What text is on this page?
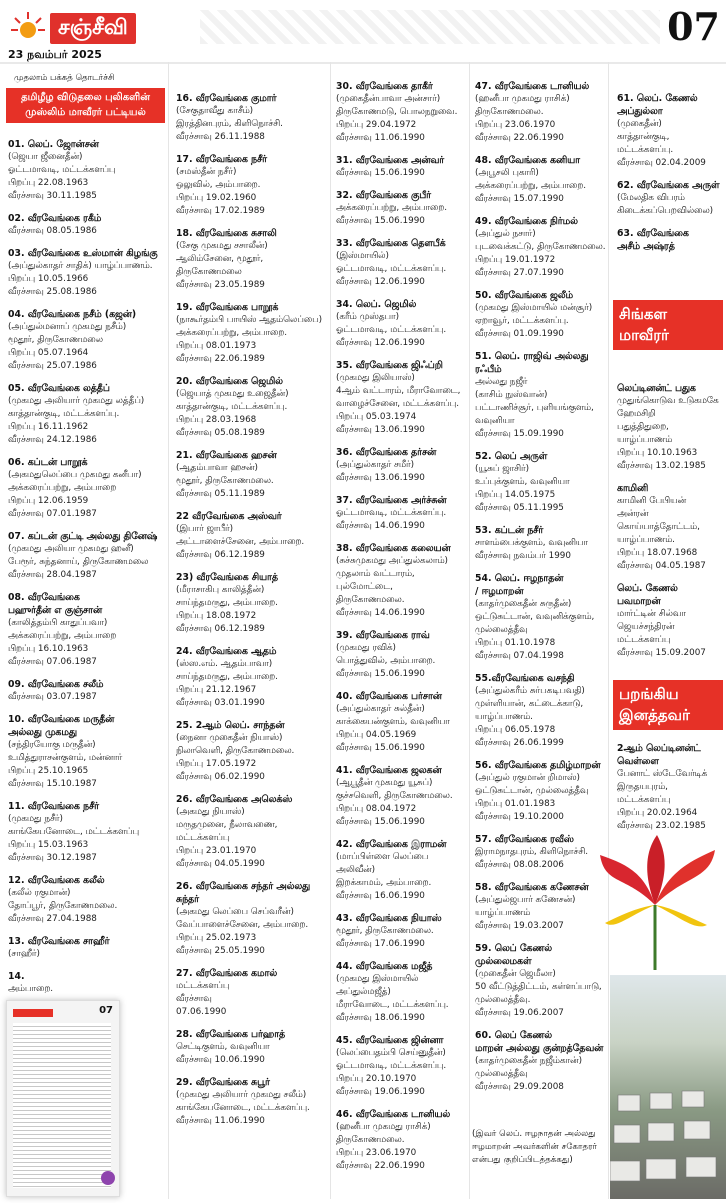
சஞ்சீவி
23 நவம்பர் 2025
07
முதலாம் பக்கத் தொடர்ச்சி
தமிழீழ விடுதலை புலிகளின்
முஸ்லிம் மாவீரர் பட்டியல்
01. லெப். ஜோன்சன்
(ஜெயா ஜீனைதீன்)
ஓட்டமாவடி, மட்டக்களப்பு
பிறப்பு 22.08.1963
வீரச்சாவு 30.11.1985
02. வீரவேங்கை ரகீம்
வீரச்சாவு 08.05.1986
03. வீரவேங்கை உஸ்மான் கிழங்கு
(அப்துல்காதர் சாதிக்) யாழ்ப்பாணம்.
பிறப்பு 10.05.1966
வீரச்சாவு 25.08.1986
04. வீரவேங்கை நசீம் (கஜன்)
(அப்துல்மனாப் முகமது நசீம்)
மூதூர், திருகோணமலை
பிறப்பு 05.07.1964
வீரச்சாவு 25.07.1986
05. வீரவேங்கை லத்தீப்
(முகமது அலியார் முகமது லத்தீப்)
காத்தான்குடி, மட்டக்களப்பு.
பிறப்பு 16.11.1962
வீரச்சாவு 24.12.1986
06. கப்டன் பாறூக்
(அகமதுலெப்பை முகமது கனீபா)
அக்கரைப்பற்று, அம்பாறை
பிறப்பு 12.06.1959
வீரச்சாவு 07.01.1987
07. கப்டன் குட்டி அல்லது தினேஷ்
(முகமது அலியா முகமது ஹனீ)
பேரூர், சுந்தனாய், திருகோணமலை
வீரச்சாவு 28.04.1987
08. வீரவேங்கை
பஹுர்தீன் எ குஞ்சான்
(காலித்தம்பி காதுப்பவா)
அக்கரைப்பற்று, அம்பாறை
பிறப்பு 16.10.1963
வீரச்சாவு 07.06.1987
09. வீரவேங்கை சலீம்
வீரச்சாவு 03.07.1987
10. வீரவேங்கை மருதீன்
அல்லது முகமது
(சந்திரயோகு மருதீன்)
உமித்துராசன்குளம், மன்னார்
பிறப்பு 25.10.1965
வீரச்சாவு 15.10.1987
11. வீரவேங்கை நசீர்
(முகமது நசீர்)
காங்கேயனோடை, மட்டக்களப்பு
பிறப்பு 15.03.1963
வீரச்சாவு 30.12.1987
12. வீரவேங்கை கலீல்
(கலீல் ரகுமான்)
தோப்பூர், திருகோணமலை.
வீரச்சாவு 27.04.1988
13. வீரவேங்கை சாஹீர்
(சாஹீர்)
14.
அம்பாறை.
16. வீரவேங்கை குமார்
(சேகுதாவீது காசீம்)
இரத்தினபுரம், கிளிநொச்சி.
வீரச்சாவு 26.11.1988
17. வீரவேங்கை நசீர்
(சமஸ்தீன் நசீர்)
ஒலுவில், அம்பாறை.
பிறப்பு 19.02.1960
வீரச்சாவு 17.02.1989
18. வீரவேங்கை சுசாலி
(சேகு முகமது சசாலீன்)
ஆலிம்சேனை, மூதூர்,
திருகோணமலை
வீரச்சாவு 23.05.1989
19. வீரவேங்கை பாறூக்
(நாகூர்தம்பி பாயிஸ் ஆதம்லெப்பை)
அக்கரைப்பற்று, அம்பாறை.
பிறப்பு 08.01.1973
வீரச்சாவு 22.06.1989
20. வீரவேங்கை ஜெமில்
(ஜெயாத் முகமது உஜைதீன்)
காத்தான்குடி, மட்டக்களப்பு.
பிறப்பு 28.03.1968
வீரச்சாவு 05.08.1989
21. வீரவேங்கை ஹசன்
(ஆதம்பாவா ஹசன்)
மூதூர், திருகோணமலை.
வீரச்சாவு 05.11.1989
22 வீரவேங்கை அஸ்வர்
(இபார் ஜாபீர்)
அட்டாளைச்சேனை, அம்பாறை.
வீரச்சாவு 06.12.1989
23) வீரவேங்கை சியாத்
(மீராசாகிபு காலித்தீன்)
சாய்ந்தமருது, அம்பாறை.
பிறப்பு 18.08.1972
வீரச்சாவு 06.12.1989
24. வீரவேங்கை ஆதம்
(ஸ்ஸ.எம். ஆதம்பாவா)
சாய்ந்தமருது, அம்பாறை.
பிறப்பு 21.12.1967
வீரச்சாவு 03.01.1990
25. 2ஆம் லெப். சாந்தன்
(நைனா முகைதீன் நியாஸ்)
நிலாவெளி, திருகோணமலை.
பிறப்பு 17.05.1972
வீரச்சாவு 06.02.1990
26. வீரவேங்கை அலெக்ஸ்
(அகமது நியாஸ்)
மருதமுனை, நீலாவணை, மட்டக்களப்பு
பிறப்பு 23.01.1970
வீரச்சாவு 04.05.1990
26. வீரவேங்கை சந்தர் அல்லது சுந்தர்
(அகமது லெப்பை செப்வரீன்)
வேப்பாளைச்சேனை, அம்பாறை.
பிறப்பு 25.02.1973
வீரச்சாவு 25.05.1990
27. வீரவேங்கை கமால்
மட்டக்களப்பு
வீரச்சாவு
07.06.1990
28. வீரவேங்கை பர்ஹாத்
செட்டிகுளம், வவுனியா
வீரச்சாவு 10.06.1990
29. வீரவேங்கை சுபூர்
(முகமது அலியார் முகமது சலீம்)
காங்கேயனோடை, மட்டக்களப்பு.
வீரச்சாவு 11.06.1990
30. வீரவேங்கை தாகீர்
(முகைதீன்பாவா அன்சார்)
திருகோணமடு, பொலநறுவை.
பிறப்பு 29.04.1972
வீரச்சாவு 11.06.1990
31. வீரவேங்கை அன்வர்
வீரச்சாவு 15.06.1990
32. வீரவேங்கை குபீர்
அக்கரைப்பற்று, அம்பாறை.
வீரச்சாவு 15.06.1990
33. வீரவேங்கை தௌபீக்
(இஸ்மாயில்)
ஓட்டமாவடி, மட்டக்களப்பு.
வீரச்சாவு 12.06.1990
34. லெப். ஜெமில்
(கரீம் முஸ்தபா)
ஓட்டமாவடி, மட்டக்களப்பு.
வீரச்சாவு 12.06.1990
35. வீரவேங்கை ஜிஃப்றி
(முகமது இலியாஸ்)
4ஆம் வட்டாரம், மீராவோடை,
வாழைச்சேனை, மட்டக்களப்பு.
பிறப்பு 05.03.1974
வீரச்சாவு 13.06.1990
36. வீரவேங்கை தர்சன்
(அப்துல்காதர் சமீர்)
வீரச்சாவு 13.06.1990
37. வீரவேங்கை அர்ச்சுன்
ஓட்டமாவடி, மட்டக்களப்பு.
வீரச்சாவு 14.06.1990
38. வீரவேங்கை கலையன்
(சுச்சுமுகமது அப்துல்கலாம்)
முதலாம் வட்டாரம், புல்மோட்டை,
திருகோணமலை.
வீரச்சாவு 14.06.1990
39. வீரவேங்கை ராவ்
(முகமது ரவிக்)
பொத்துவில், அம்பாறை.
வீரச்சாவு 15.06.1990
40. வீரவேங்கை பர்சான்
(அப்துல்காதர் சுல்தீன்)
காக்கையன்குளம், வவுனியா
பிறப்பு 04.05.1969
வீரச்சாவு 15.06.1990
41. வீரவேங்கை ஜலகன்
(ஆபூதீன் முகமது யூசுப்)
குச்சவெளி, திருகோணமலை.
பிறப்பு 08.04.1972
வீரச்சாவு 15.06.1990
42. வீரவேங்கை இராமன்
(மாப்பிள்ளை லெப்பை அலிவீன்)
இறக்காமம், அம்பாறை.
வீரச்சாவு 16.06.1990
43. வீரவேங்கை நியாஸ்
மூதூர், திருகோணமலை.
வீரச்சாவு 17.06.1990
44. வீரவேங்கை மஜீத்
(முகமது இஸ்மாயில் அப்துல்மஜீத்)
மீராவோடை, மட்டக்களப்பு.
வீரச்சாவு 18.06.1990
45. வீரவேங்கை ஜின்னா
(லெப்பைதம்பி செய்னுதீன்)
ஓட்டமாவடி, மட்டக்களப்பு.
பிறப்பு 20.10.1970
வீரச்சாவு 19.06.1990
46. வீரவேங்கை டானியல்
(ஹனீபா முகமது ராசிக்)
திருகோணமலை.
பிறப்பு 23.06.1970
வீரச்சாவு 22.06.1990
47. வீரவேங்கை டானியல்
(ஹனீபா முகமது ராசிக்)
திருகோணமலை.
பிறப்பு 23.06.1970
வீரச்சாவு 22.06.1990
48. வீரவேங்கை கனியா
(அபூசலி புகாரி)
அக்கரைப்பற்று, அம்பாறை.
வீரச்சாவு 15.07.1990
49. வீரவேங்கை நிர்மல்
(அப்துல் நசார்)
புடவைக்கட்டு, திருகோணமலை.
பிறப்பு 19.01.1972
வீரச்சாவு 27.07.1990
50. வீரவேங்கை ஜலீம்
(முகமது இஸ்மாயில் மன்சூர்)
ஏறாவூர், மட்டக்களப்பு.
வீரச்சாவு 01.09.1990
51. லெப். ராஜிவ் அல்லது ரஃபீம்
அல்லது நஜீர்
(காசிம் நுஸ்வான்)
பட்டாணிச்சூர், புளியங்குளம்,
வவுனியா
வீரச்சாவு 15.09.1990
52. லெப் அருள்
(யூசுப் ஜாசிர்)
உப்புக்குளம், வவுனியா
பிறப்பு 14.05.1975
வீரச்சாவு 05.11.1995
53. கப்டன் நசீர்
சாளம்பைக்குளம், வவுனியா
வீரச்சாவு நவம்பர் 1990
54. லெப். ஈழநாதன்
/ ஈழமாறன்
(காதர்முகைதீன் சுருதீன்)
ஒட்டுசுட்டான், வவுனிக்குளம்,
முல்லைத்தீவு
பிறப்பு 01.10.1978
வீரச்சாவு 07.04.1998
55.வீரவேங்கை வசந்தி
(அப்துல்கரீம் சுர்பகடிபவதி)
முள்ளியான், கட்டைக்காடு,
யாழ்ப்பாணம்.
பிறப்பு 06.05.1978
வீரச்சாவு 26.06.1999
56. வீரவேங்கை தமிழ்மாறன்
(அப்துல் ரகுமான் றிமாஸ்)
ஒட்டுசுட்டான், முல்லைத்தீவு
பிறப்பு 01.01.1983
வீரச்சாவு 19.10.2000
57. வீரவேங்கை ரவீஸ்
இராமநாதபுரம், கிளிநொச்சி.
வீரச்சாவு 08.08.2006
58. வீரவேங்கை கணேசன்
(அப்துல்ஜபார் கணேசன்)
யாழ்ப்பாணம்
வீரச்சாவு 19.03.2007
59. லெப் கேணல் முல்லைமகள்
(முகைதீன் ஜெமீலா)
50 வீட்டுத்திட்டம், கள்ளப்பாடு,
முல்லைத்தீவு.
வீரச்சாவு 19.06.2007
60. லெப் கேணல்
மாறன் அல்லது குன்றத்தேவன்
(காதர்முகைதீன் நஜீம்கான்)
முல்லைத்தீவு
வீரச்சாவு 29.09.2008
61. லெப். கேணல்
அப்துல்லா
(முகைதீன்)
காத்தான்குடி, மட்டக்களப்பு.
வீரச்சாவு 02.04.2009
62. வீரவேங்கை அருள்
(மேலதிக விபரம்
கிடைக்கப்பெறவில்லை)
63. வீரவேங்கை
அசீம் அஷ்ரத்
சிங்கள
மாவீரர்
லெப்டினன்ட் பதுக
முதுங்கொடுவ உடுகமகே
ஹேமசிறி
பதுத்திதுறை, யாழ்ப்பாணம்
பிறப்பு 10.10.1963
வீரச்சாவு 13.02.1985
காமினி
காமினி பேபியன்
அன்ரன்
கொய்யாத்தோட்டம்,
யாழ்ப்பாணம்.
பிறப்பு 18.07.1968
வீரச்சாவு 04.05.1987
லெப். கேணல்
பவமாறன்
மார்ட்டின் சில்வா
ஜெயச்சந்திரன்
மட்டக்களப்பு
வீரச்சாவு 15.09.2007
பறங்கிய
இனத்தவர்
2ஆம் லெப்டினன்ட்
வெள்ளை
பேனாட் ஸ்டேவேர்டிக்
இருதயபுரம், மட்டக்களப்பு
பிறப்பு 20.02.1964
வீரச்சாவு 23.02.1985
(இவர் லெப். ஈழநாதன் அல்லது ஈழமாறன் அவர்களின் சகோதரர் என்பது குறிப்பிடத்தக்கது)
07
